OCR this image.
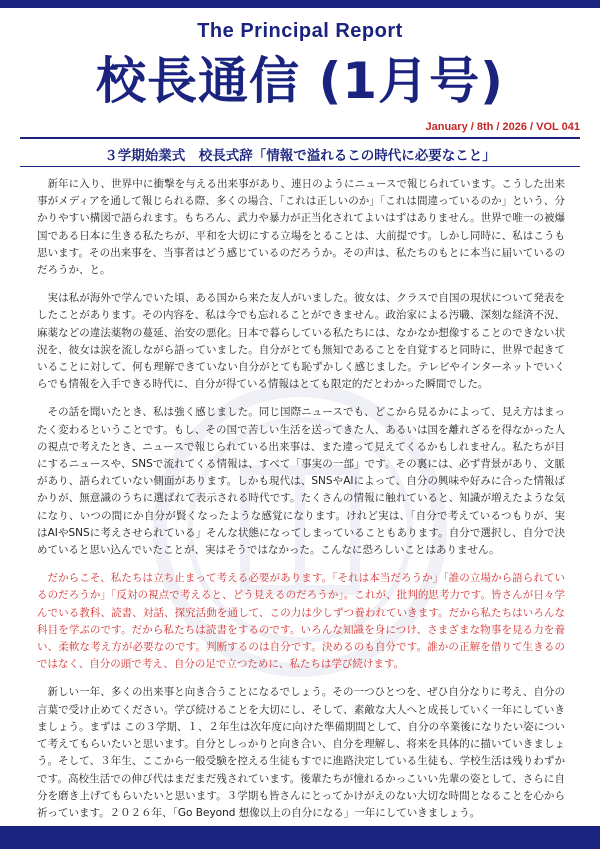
The Principal Report
校長通信 (1月号)
January / 8th / 2026 / VOL 041
３学期始業式　校長式辞「情報で溢れるこの時代に必要なこと」

新年に入り、世界中に衝撃を与える出来事があり、連日のようにニュースで報じられています。こうした出来事がメディアを通して報じられる際、多くの場合、「これは正しいのか」「これは間違っているのか」という、分かりやすい構図で語られます。もちろん、武力や暴力が正当化されてよいはずはありません。世界で唯一の被爆国である日本に生きる私たちが、平和を大切にする立場をとることは、大前提です。しかし同時に、私はこうも思います。その出来事を、当事者はどう感じているのだろうか。その声は、私たちのもとに本当に届いているのだろうか、と。

実は私が海外で学んでいた頃、ある国から来た友人がいました。彼女は、クラスで自国の現状について発表をしたことがあります。その内容を、私は今でも忘れることができません。政治家による汚職、深刻な経済不況、麻薬などの違法薬物の蔓延、治安の悪化。日本で暮らしている私たちには、なかなか想像することのできない状況を、彼女は涙を流しながら語っていました。自分がとても無知であることを自覚すると同時に、世界で起きていることに対して、何も理解できていない自分がとても恥ずかしく感じました。テレビやインターネットでいくらでも情報を入手できる時代に、自分が得ている情報はとても限定的だとわかった瞬間でした。

その話を聞いたとき、私は強く感じました。同じ国際ニュースでも、どこから見るかによって、見え方はまったく変わるということです。もし、その国で苦しい生活を送ってきた人、あるいは国を離れざるを得なかった人の視点で考えたとき、ニュースで報じられている出来事は、また違って見えてくるかもしれません。私たちが目にするニュースや、SNSで流れてくる情報は、すべて「事実の一部」です。その裏には、必ず背景があり、文脈があり、語られていない側面があります。しかも現代は、SNSやAIによって、自分の興味や好みに合った情報ばかりが、無意識のうちに選ばれて表示される時代です。たくさんの情報に触れていると、知識が増えたような気になり、いつの間にか自分が賢くなったような感覚になります。けれど実は、「自分で考えているつもりが、実はAIやSNSに考えさせられている」そんな状態になってしまっていることもあります。自分で選択し、自分で決めていると思い込んでいたことが、実はそうではなかった。こんなに恐ろしいことはありません。

だからこそ、私たちは立ち止まって考える必要があります。「それは本当だろうか」「誰の立場から語られているのだろうか」「反対の視点で考えると、どう見えるのだろうか」。これが、批判的思考力です。皆さんが日々学んでいる教科、読書、対話、探究活動を通して、この力は少しずつ養われていきます。だから私たちはいろんな科目を学ぶのです。だから私たちは読書をするのです。いろんな知識を身につけ、さまざまな物事を見る力を養い、柔軟な考え方が必要なのです。判断するのは自分です。決めるのも自分です。誰かの正解を借りて生きるのではなく、自分の頭で考え、自分の足で立つために、私たちは学び続けます。

新しい一年、多くの出来事と向き合うことになるでしょう。その一つひとつを、ぜひ自分なりに考え、自分の言葉で受け止めてください。学び続けることを大切にし、そして、素敵な大人へと成長していく一年にしていきましょう。まずは この３学期、１、２年生は次年度に向けた準備期間として、自分の卒業後になりたい姿について考えてもらいたいと思います。自分としっかりと向き合い、自分を理解し、将来を具体的に描いていきましょう。そして、３年生、ここから一般受験を控える生徒もすでに進路決定している生徒も、学校生活は残りわずかです。高校生活での伸び代はまだまだ残されています。後輩たちが憧れるかっこいい先輩の姿として、さらに自分を磨き上げてもらいたいと思います。３学期も皆さんにとってかけがえのない大切な時間となることを心から祈っています。２０２６年、「Go Beyond 想像以上の自分になる」一年にしていきましょう。
